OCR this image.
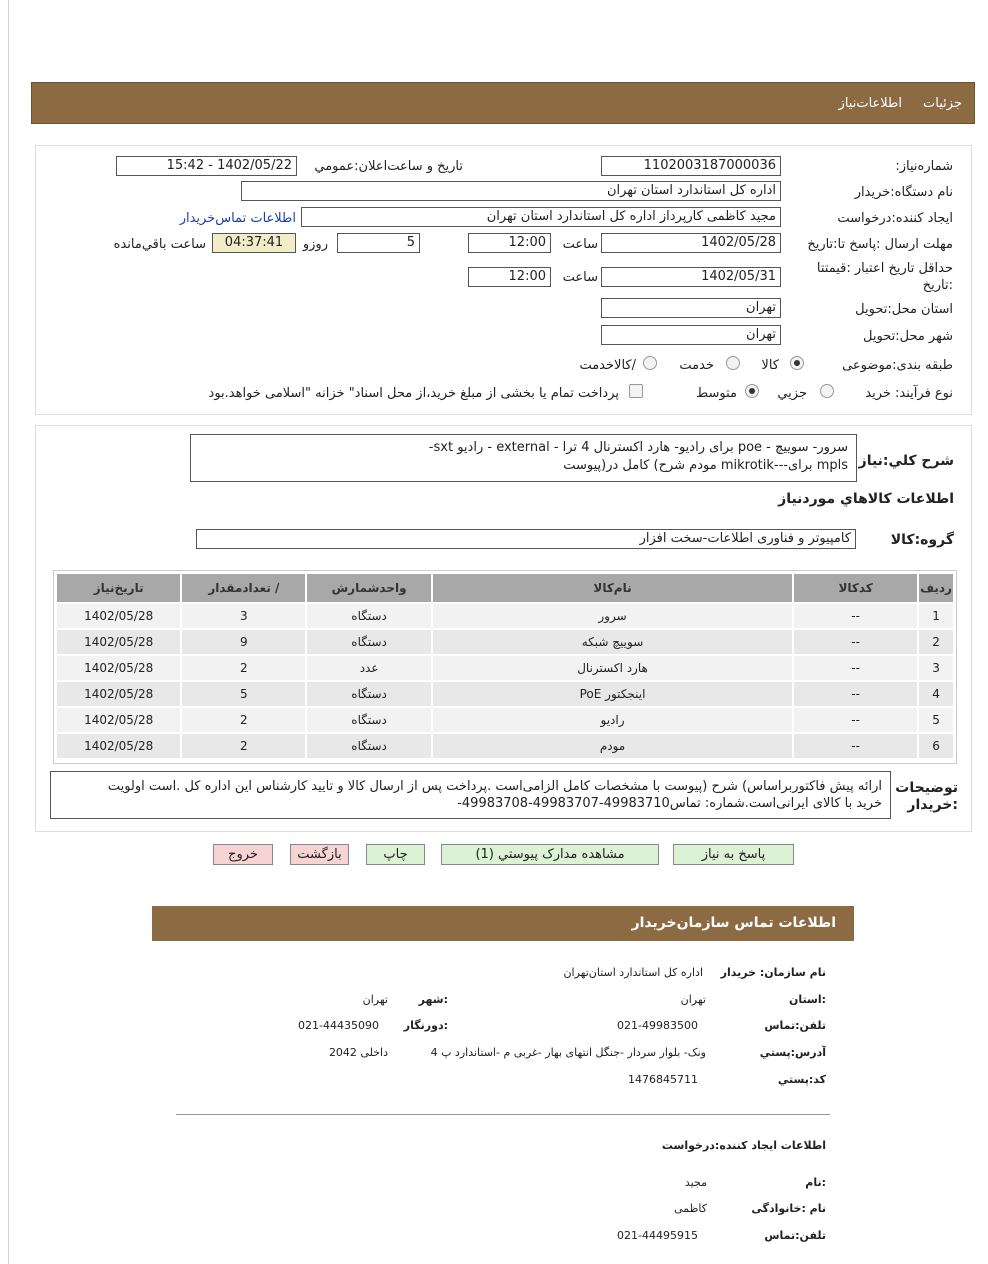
جزئیات
اطلاعات‌نیاز
شماره‌نیاز:
1102003187000036
تاریخ و ساعت‌اعلان‌:عمومي
1402/05/22 - 15:42
نام دستگاه:خريدار
اداره کل استاندارد استان تهران
ايجاد کننده:درخواست
مجید کاظمی کارپرداز اداره کل استاندارد استان تهران
اطلاعات تماس‌خريدار
مهلت ارسال :پاسخ تا:تاريخ
1402/05/28
ساعت
12:00
5
روزو
04:37:41
ساعت باقي‌مانده
حداقل تاريخ اعتبار :قيمتتا
:تاريخ
1402/05/31
ساعت
12:00
استان محل:تحويل
تهران
شهر محل:تحويل
تهران
طبقه بندی:موضوعی
کالا
خدمت
/کالاخدمت
نوع فرآيند: خريد
جزيي
متوسط
پرداخت تمام يا بخشی از مبلغ خريد،از محل اسناد" خزانه "اسلامی خواهد.بود
شرح کلي:نياز
سرور- سوییچ - poe برای رادیو- هارد اکسترنال 4 ترا - external - رادیو sxt-
mpls برای---mikrotik مودم شرح) کامل در(پیوست
اطلاعات کالاهاي موردنياز
گروه:کالا
کامپیوتر و فناوری اطلاعات-سخت افزار
رديف	کدکالا	نام‌کالا	واحدشمارش	/ تعدادمقدار	تاريخ‌نياز
1	--	سرور	دستگاه	3	1402/05/28
2	--	سوییچ شبکه	دستگاه	9	1402/05/28
3	--	هارد اکسترنال	عدد	2	1402/05/28
4	--	اینجکتور PoE	دستگاه	5	1402/05/28
5	--	رادیو	دستگاه	2	1402/05/28
6	--	مودم	دستگاه	2	1402/05/28
توضيحات
:خريدار
ارائه پیش فاکتوربراساس) شرح (پیوست با مشخصات کامل الزامی‌است .پرداخت پس از ارسال کالا و تایید کارشناس این اداره کل .است اولویت
خرید با کالای ایرانی‌است.شماره: تماس49983710-49983707-49983708-
پاسخ به نياز
مشاهده مدارک پيوستي (1)
چاپ
بازگشت
خروج
اطلاعات تماس سازمان‌خريدار
نام سازمان: خريدار
اداره کل استاندارد استان‌تهران
:استان
تهران
:شهر
تهران
تلفن:تماس
021-49983500
:دورنگار
021-44435090
آدرس:پستي
ونک- بلوار سردار -جنگل انتهای بهار -غربی م -استاندارد پ 4
داخلی 2042
کد:پستي
1476845711
اطلاعات ايجاد کننده:درخواست
:نام
مجید
نام :خانوادگی
کاظمی
تلفن:تماس
021-44495915
